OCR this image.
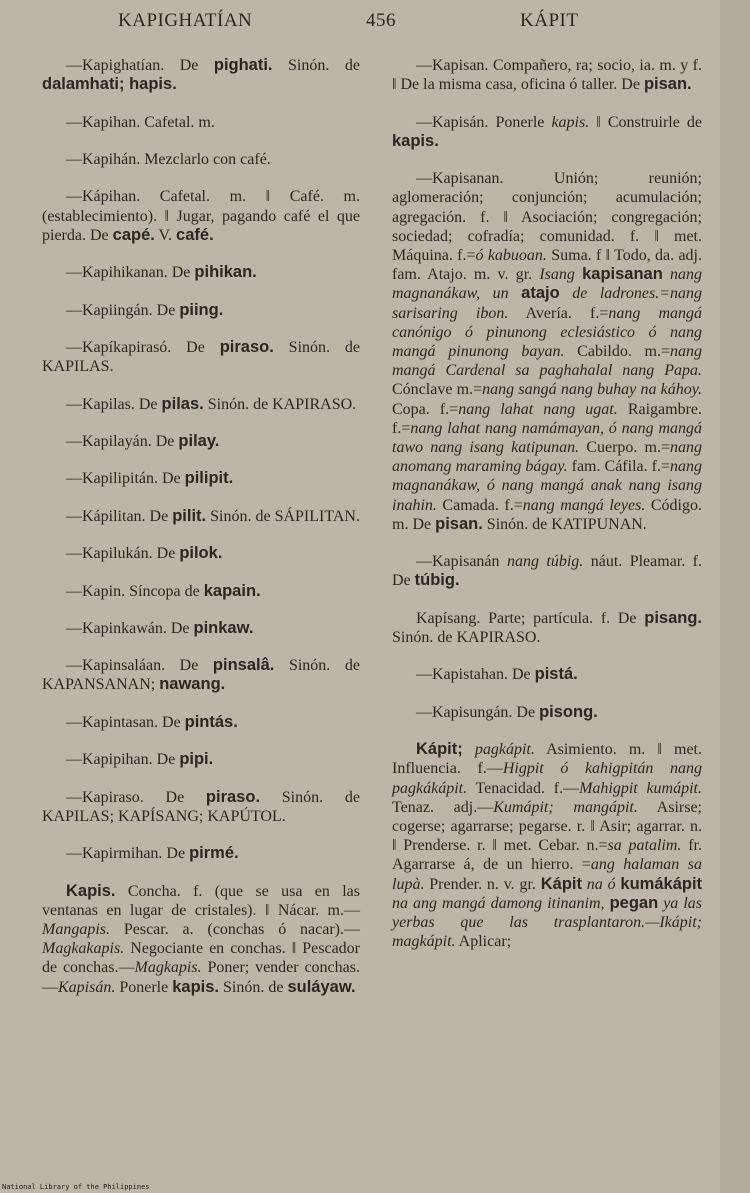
KAPIGHATÍAN	456	KÁPIT

—Kapighatían. De pighati. Sinón. de dalamhati; hapis.

—Kapihan. Cafetal. m.

—Kapihán. Mezclarlo con café.

—Kápihan. Cafetal. m. ‖ Café. m. (establecimiento). ‖ Jugar, pagando café el que pierda. De capé. V. café.

—Kapihikanan. De pihikan.

—Kapiingán. De piing.

—Kapíkapirasó. De piraso. Sinón. de KAPILAS.

—Kapilas. De pilas. Sinón. de KAPIRASO.

—Kapilayán. De pilay.

—Kapilipitán. De pilipit.

—Kápilitan. De pilit. Sinón. de SÁPILITAN.

—Kapilukán. De pilok.

—Kapin. Síncopa de kapain.

—Kapinkawán. De pinkaw.

—Kapinsaláan. De pinsalâ. Sinón. de KAPANSANAN; nawang.

—Kapintasan. De pintás.

—Kapipihan. De pipi.

—Kapiraso. De piraso. Sinón. de KAPILAS; KAPÍSANG; KAPÚTOL.

—Kapirmihan. De pirmé.

Kapis. Concha. f. (que se usa en las ventanas en lugar de cristales). ‖ Nácar. m.—Mangapis. Pescar. a. (conchas ó nacar).—Magkakapis. Negociante en conchas. ‖ Pescador de conchas.—Magkapis. Poner; vender conchas.—Kapisán. Ponerle kapis. Sinón. de suláyaw.

—Kapisan. Compañero, ra; socio, ia. m. y f. ‖ De la misma casa, oficina ó taller. De pisan.

—Kapisán. Ponerle kapis. ‖ Construirle de kapis.

—Kapisanan. Unión; reunión; aglomeración; conjunción; acumulación; agregación. f. ‖ Asociación; congregación; sociedad; cofradía; comunidad. f. ‖ met. Máquina. f.=ó kabuoan. Suma. f ‖ Todo, da. adj. fam. Atajo. m. v. gr. Isang kapisanan nang magnanákaw, un atajo de ladrones.=nang sarisaring ibon. Avería. f.=nang mangá canónigo ó pinunong eclesiástico ó nang mangá pinunong bayan. Cabildo. m.=nang mangá Cardenal sa paghahalal nang Papa. Cónclave m.=nang sangá nang buhay na káhoy. Copa. f.=nang lahat nang ugat. Raigambre. f.=nang lahat nang namámayan, ó nang mangá tawo nang isang katipunan. Cuerpo. m.=nang anomang maraming bágay. fam. Cáfila. f.=nang magnanákaw, ó nang mangá anak nang isang inahin. Camada. f.=nang mangá leyes. Código. m. De pisan. Sinón. de KATIPUNAN.

—Kapisanán nang túbig. náut. Pleamar. f. De túbig.

Kapísang. Parte; partícula. f. De pisang. Sinón. de KAPIRASO.

—Kapistahan. De pistá.

—Kapisungán. De pisong.

Kápit; pagkápit. Asimiento. m. ‖ met. Influencia. f.—Higpit ó kahigpitán nang pagkákápit. Tenacidad. f.—Mahigpit kumápit. Tenaz. adj.—Kumápit; mangápit. Asirse; cogerse; agarrarse; pegarse. r. ‖ Asir; agarrar. n. ‖ Prenderse. r. ‖ met. Cebar. n.=sa patalim. fr. Agarrarse á, de un hierro. =ang halaman sa lupà. Prender. n. v. gr. Kápit na ó kumákápit na ang mangá damong itinanim, pegan ya las yerbas que las trasplantaron.—Ikápit; magkápit. Aplicar;

National Library of the Philippines
